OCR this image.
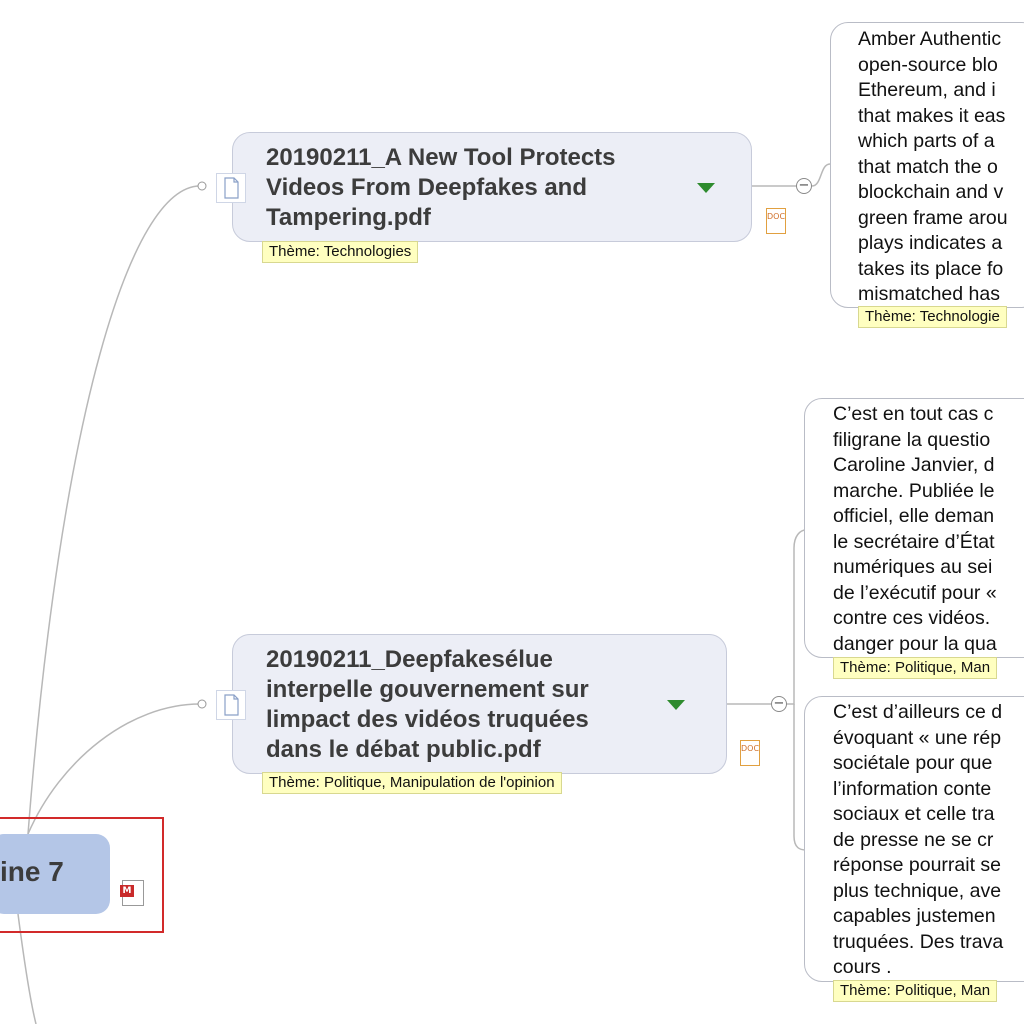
ine 7
M
20190211_A New Tool Protects
Videos From Deepfakes and
Tampering.pdf
Thème: Technologies
DOC
−
20190211_Deepfakesélue
interpelle gouvernement sur
limpact des vidéos truquées
dans le débat public.pdf
Thème: Politique, Manipulation de l'opinion
DOC
−
Amber Authentic
open-source blo
Ethereum, and i
that makes it eas
which parts of a
that match the o
blockchain and v
green frame arou
plays indicates a
takes its place fo
mismatched has
Thème: Technologie
C’est en tout cas c
filigrane la questio
Caroline Janvier, d
marche. Publiée le
officiel, elle deman
le secrétaire d’État
numériques au sei
de l’exécutif pour «
contre ces vidéos.
danger pour la qua
Thème: Politique, Man
C’est d’ailleurs ce d
évoquant « une rép
sociétale pour que
l’information conte
sociaux et celle tra
de presse ne se cr
réponse pourrait se
plus technique, ave
capables justemen
truquées. Des trava
cours .
Thème: Politique, Man
